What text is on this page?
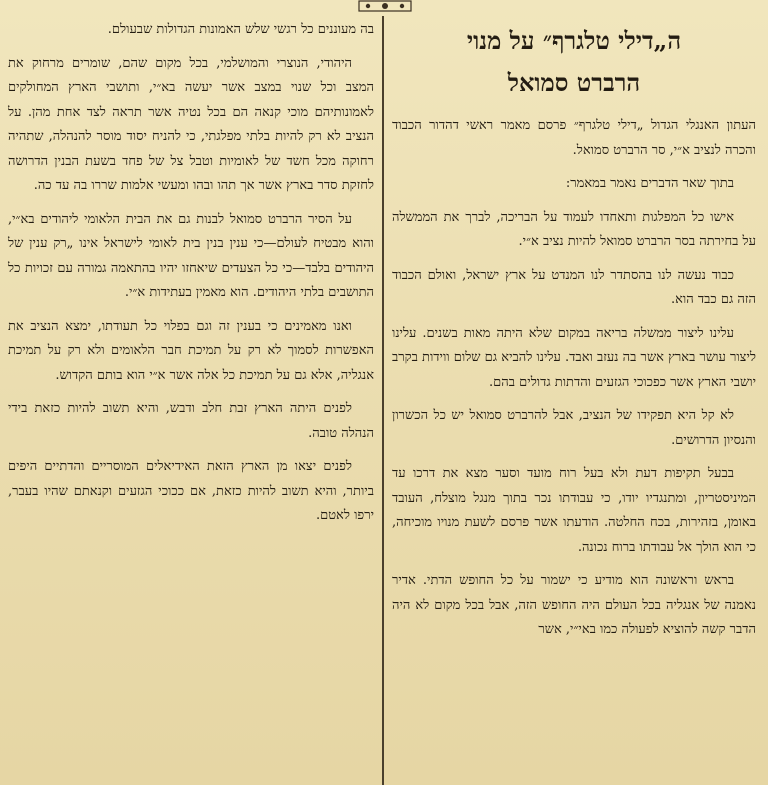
ה„דילי טלגרף״ על מנוי
הרברט סמואל

העתון האנגלי הגדול „דילי טלגרף״ פרסם מאמר ראשי דהדור הכבוד והכרה לנציב א״י, סר הרברט סמואל.

בתוך שאר הדברים נאמר במאמר:

אישו כל המפלגות ותאחדו לעמוד על הבריכה, לברך את הממשלה על בחירתה בסר הרברט סמואל להיות נציב א״י.

כבוד נעשה לנו בהסתדר לנו המנדט על ארץ ישראל, ואולם הכבוד הזה גם כבד הוא.

עלינו ליצור ממשלה בריאה במקום שלא היתה מאות בשנים. עלינו ליצור עושר בארץ אשר בה נעזב ואבד. עלינו להביא גם שלום ווידות בקרב יושבי הארץ אשר כפכוכי הגזעים והדתות גדולים בהם.

לא קל היא תפקידו של הנציב, אבל להרברט סמואל יש כל הכשרון והנסיון הדרושים.

בבעל תקיפות דעת ולא בעל רוח מועד וסער מצא את דרכו עד המיניסטריון, ומתנגדיו יודו, כי עבודתו נכר בתוך מנגל מוצלח, העובד באומן, בזהירות, בכח החלטה. הודעתו אשר פרסם לשעת מנויו מוכיחה, כי הוא הולך אל עבודתו ברוח נכונה.

בראש וראשונה הוא מודיע כי ישמור על כל החופש הדתי. אדיר נאמנה של אנגליה בכל העולם היה החופש הזה, אבל בכל מקום לא היה הדבר קשה להוציא לפעולה כמו באי״י, אשר

בה מעוננים כל רגשי שלש האמונות הגדולות שבעולם.

היהודי, הנוצרי והמושלמי, בכל מקום שהם, שומרים מרחוק את המצב וכל שנוי במצב אשר יעשה בא״י, ותושבי הארץ המחולקים לאמונותיהם מוכי קנאה הם בכל נטיה אשר תראה לצד אחת מהן. על הנציב לא רק להיות בלתי מפלגתי, כי להניח יסוד מוסר להנהלה, שתהיה רחוקה מכל חשד של לאומיות וטבל צל של פחד בשעת הבנין הדרושה לחזקת סדר בארץ אשר אך תהו ובהו ומעשי אלמות שררו בה עד כה.

על הסיר הרברט סמואל לבנות גם את הבית הלאומי ליהודים בא״י, והוא מבטיח לעולם—כי ענין בנין בית לאומי לישראל אינו „רק ענין של היהודים בלבד—כי כל הצעדים שיאחזו יהיו בהתאמה גמורה עם זכויות כל התושבים בלתי היהודים. הוא מאמין בעתידות א״י.

ואנו מאמינים כי בענין זה וגם בפלוי כל תעודתו, ימצא הנציב את האפשרות לסמוך לא רק על תמיכת חבר הלאומים ולא רק על תמיכת אנגליה, אלא גם על תמיכת כל אלה אשר א״י הוא בותם הקדוש.

לפנים היתה הארץ זבת חלב ודבש, והיא תשוב להיות כזאת בידי הנהלה טובה.

לפנים יצאו מן הארץ הזאת האידיאלים המוסריים והדתיים היפים ביותר, והיא תשוב להיות כזאת, אם ככוכי הגזעים וקנאתם שהיו בעבר, ירפו לאטם.
